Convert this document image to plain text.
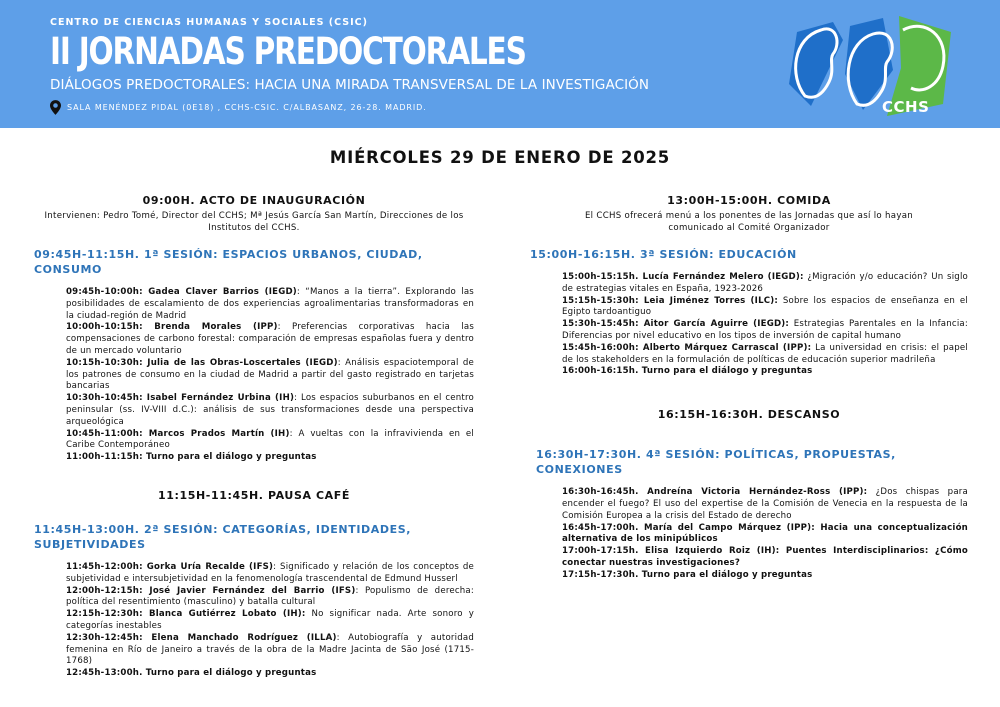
CENTRO DE CIENCIAS HUMANAS Y SOCIALES (CSIC)
II JORNADAS PREDOCTORALES
DIÁLOGOS PREDOCTORALES: HACIA UNA MIRADA TRANSVERSAL DE LA INVESTIGACIÓN
SALA MENÉNDEZ PIDAL (0E18) , CCHS-CSIC. C/ALBASANZ, 26-28. MADRID.	CCHS
MIÉRCOLES 29 DE ENERO DE 2025
09:00H. ACTO DE INAUGURACIÓN
Intervienen: Pedro Tomé, Director del CCHS; Mª Jesús García San Martín, Direcciones de los Institutos del CCHS.
09:45H-11:15H. 1ª SESIÓN: ESPACIOS URBANOS, CIUDAD, CONSUMO
09:45h-10:00h: Gadea Claver Barrios (IEGD): “Manos a la tierra”. Explorando las posibilidades de escalamiento de dos experiencias agroalimentarias transformadoras en la ciudad-región de Madrid
10:00h-10:15h: Brenda Morales (IPP): Preferencias corporativas hacia las compensaciones de carbono forestal: comparación de empresas españolas fuera y dentro de un mercado voluntario
10:15h-10:30h: Julia de las Obras-Loscertales (IEGD): Análisis espaciotemporal de los patrones de consumo en la ciudad de Madrid a partir del gasto registrado en tarjetas bancarias
10:30h-10:45h: Isabel Fernández Urbina (IH): Los espacios suburbanos en el centro peninsular (ss. IV-VIII d.C.): análisis de sus transformaciones desde una perspectiva arqueológica
10:45h-11:00h: Marcos Prados Martín (IH): A vueltas con la infravivienda en el Caribe Contemporáneo
11:00h-11:15h: Turno para el diálogo y preguntas
11:15H-11:45H. PAUSA CAFÉ
11:45H-13:00H. 2ª SESIÓN: CATEGORÍAS, IDENTIDADES, SUBJETIVIDADES
11:45h-12:00h: Gorka Uría Recalde (IFS): Significado y relación de los conceptos de subjetividad e intersubjetividad en la fenomenología trascendental de Edmund Husserl
12:00h-12:15h: José Javier Fernández del Barrio (IFS): Populismo de derecha: política del resentimiento (masculino) y batalla cultural
12:15h-12:30h: Blanca Gutiérrez Lobato (IH): No significar nada. Arte sonoro y categorías inestables
12:30h-12:45h: Elena Manchado Rodríguez (ILLA): Autobiografía y autoridad femenina en Río de Janeiro a través de la obra de la Madre Jacinta de São José (1715-1768)
12:45h-13:00h. Turno para el diálogo y preguntas
13:00H-15:00H. COMIDA
El CCHS ofrecerá menú a los ponentes de las Jornadas que así lo hayan comunicado al Comité Organizador
15:00H-16:15H. 3ª SESIÓN: EDUCACIÓN
15:00h-15:15h. Lucía Fernández Melero (IEGD): ¿Migración y/o educación? Un siglo de estrategias vitales en España, 1923-2026
15:15h-15:30h: Leia Jiménez Torres (ILC): Sobre los espacios de enseñanza en el Egipto tardoantiguo
15:30h-15:45h: Aitor García Aguirre (IEGD): Estrategias Parentales en la Infancia: Diferencias por nivel educativo en los tipos de inversión de capital humano
15:45h-16:00h: Alberto Márquez Carrascal (IPP): La universidad en crisis: el papel de los stakeholders en la formulación de políticas de educación superior madrileña
16:00h-16:15h. Turno para el diálogo y preguntas
16:15H-16:30H. DESCANSO
16:30H-17:30H. 4ª SESIÓN: POLÍTICAS, PROPUESTAS, CONEXIONES
16:30h-16:45h. Andreína Victoria Hernández-Ross (IPP): ¿Dos chispas para encender el fuego? El uso del expertise de la Comisión de Venecia en la respuesta de la Comisión Europea a la crisis del Estado de derecho
16:45h-17:00h. María del Campo Márquez (IPP): Hacia una conceptualización alternativa de los minipúblicos
17:00h-17:15h. Elisa Izquierdo Roiz (IH): Puentes Interdisciplinarios: ¿Cómo conectar nuestras investigaciones?
17:15h-17:30h. Turno para el diálogo y preguntas
